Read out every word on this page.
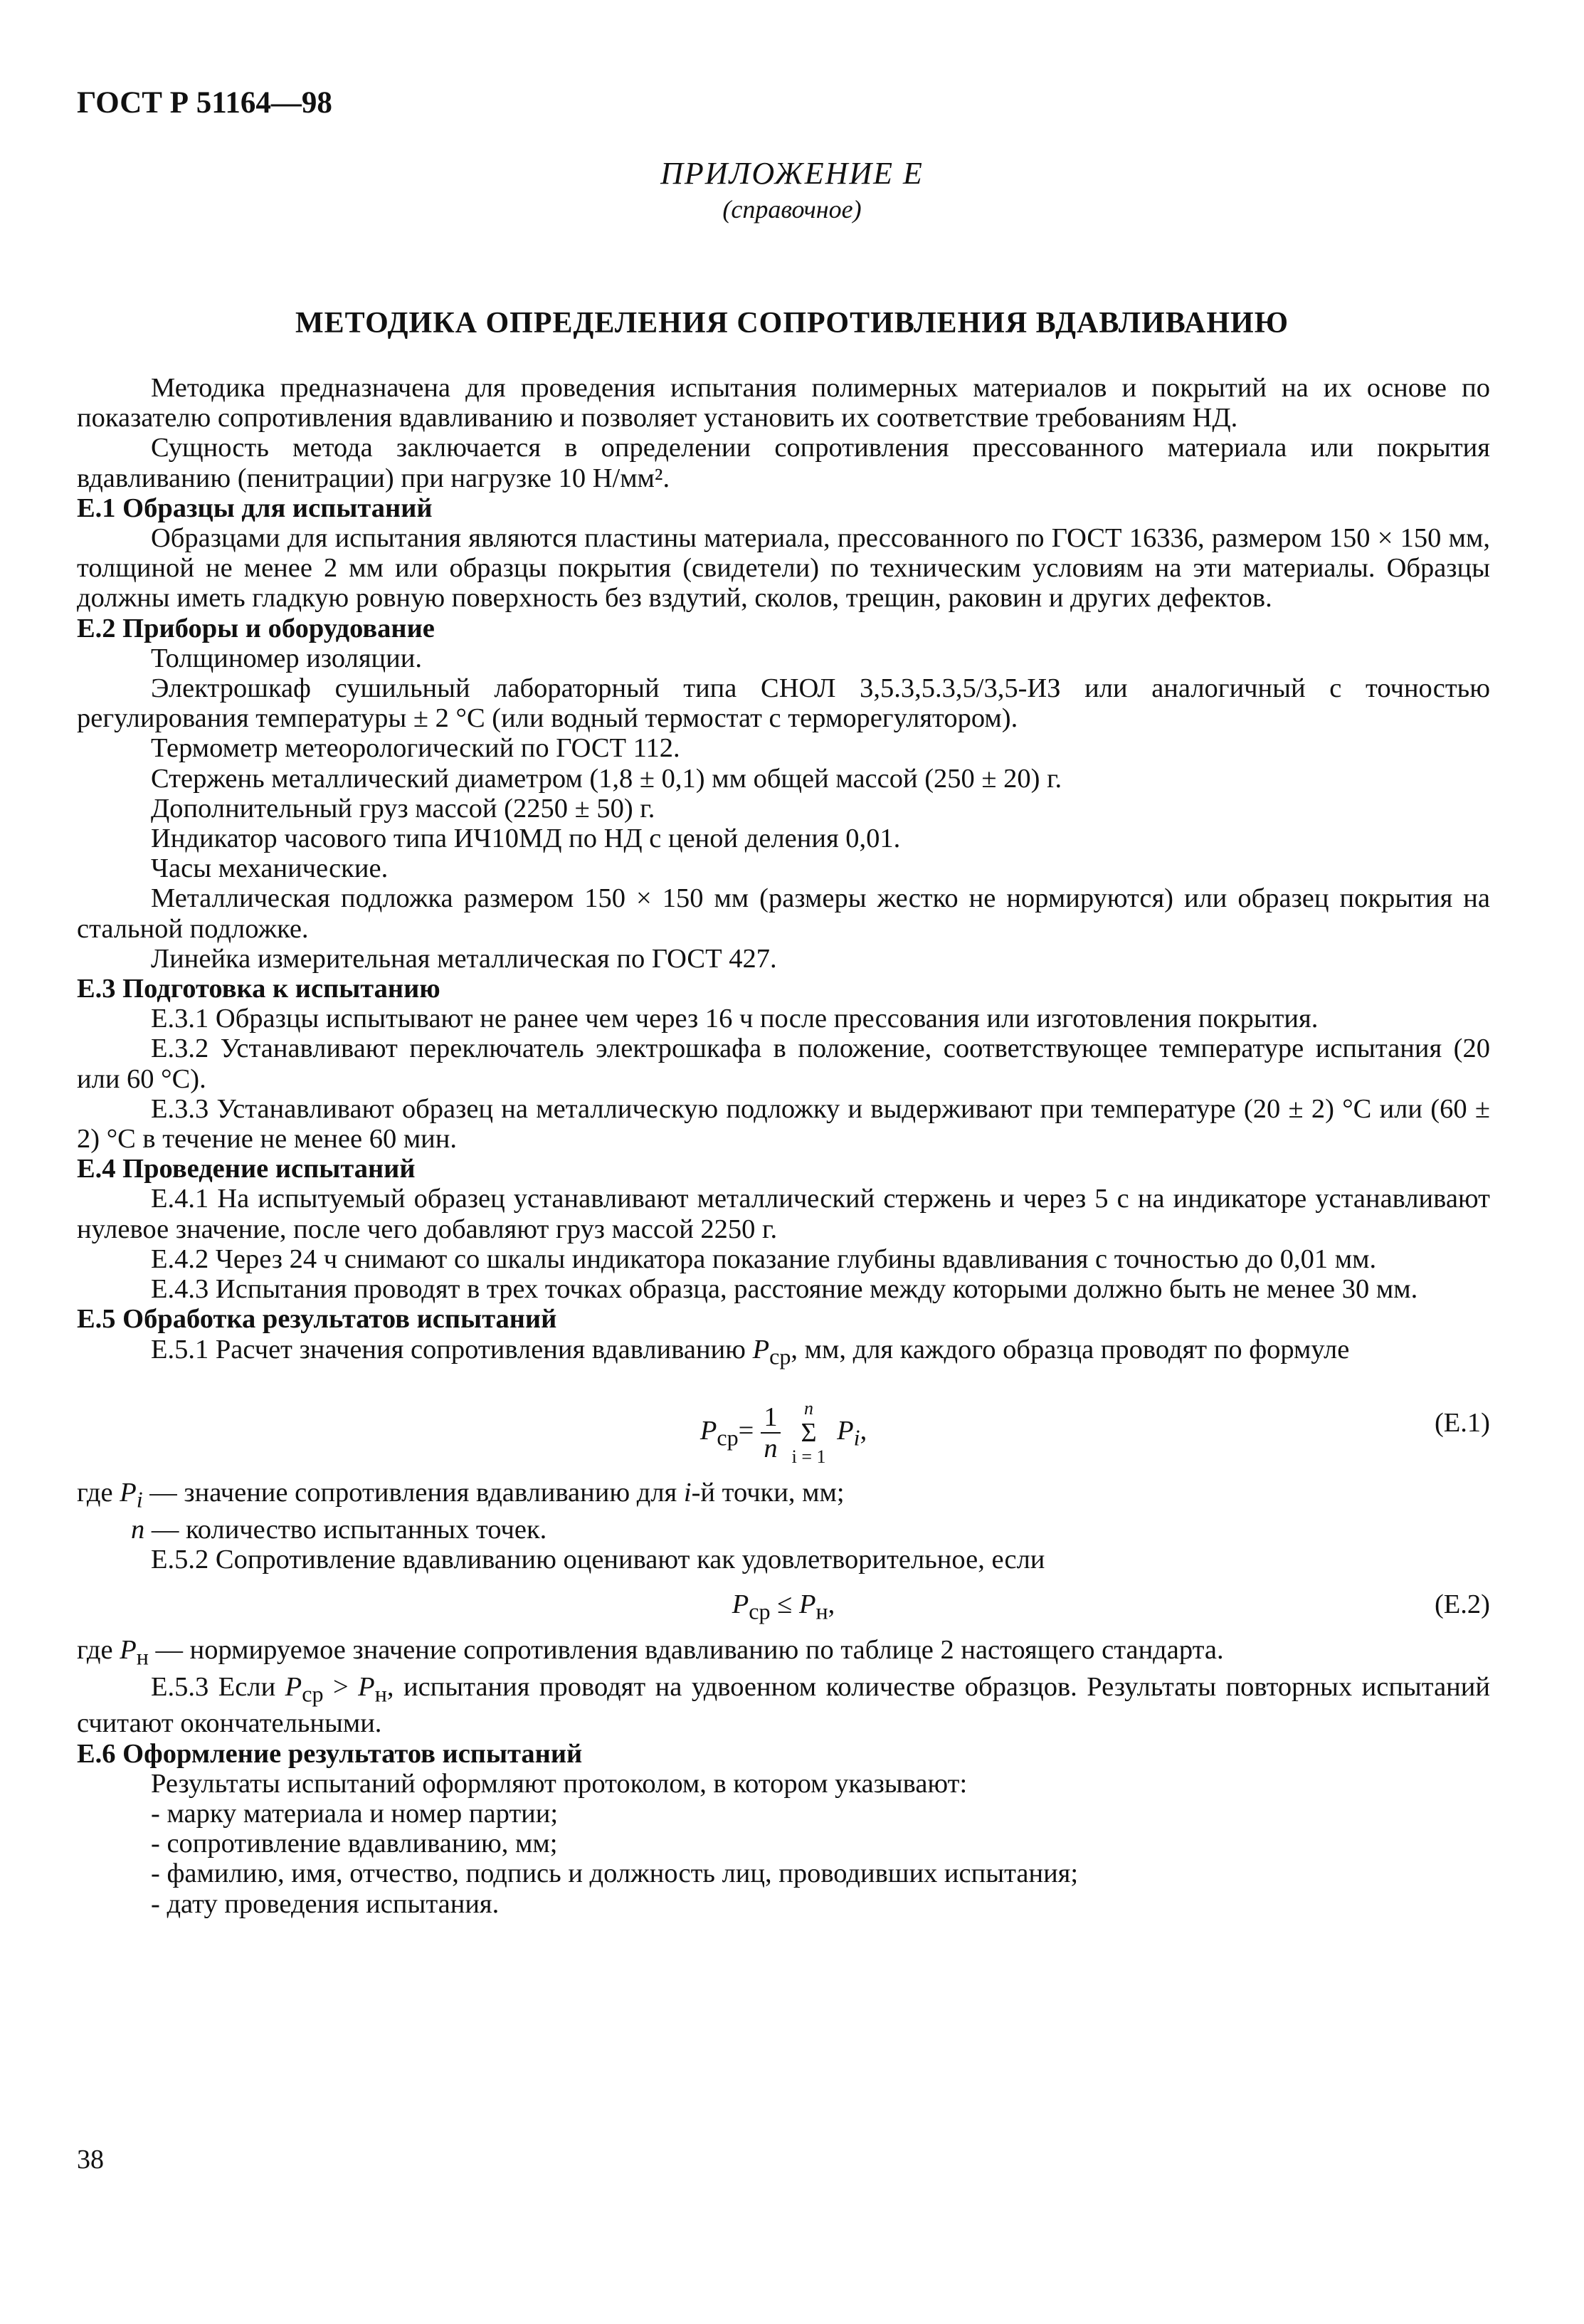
ГОСТ Р 51164—98
ПРИЛОЖЕНИЕ Е
(справочное)
МЕТОДИКА ОПРЕДЕЛЕНИЯ СОПРОТИВЛЕНИЯ ВДАВЛИВАНИЮ

Методика предназначена для проведения испытания полимерных материалов и покрытий на их основе по показателю сопротивления вдавливанию и позволяет установить их соответствие требованиям НД.

Сущность метода заключается в определении сопротивления прессованного материала или покрытия вдавливанию (пенитрации) при нагрузке 10 Н/мм².

Е.1 Образцы для испытаний

Образцами для испытания являются пластины материала, прессованного по ГОСТ 16336, размером 150 × 150 мм, толщиной не менее 2 мм или образцы покрытия (свидетели) по техническим условиям на эти материалы. Образцы должны иметь гладкую ровную поверхность без вздутий, сколов, трещин, раковин и других дефектов.

Е.2 Приборы и оборудование

Толщиномер изоляции.

Электрошкаф сушильный лабораторный типа СНОЛ 3,5.3,5.3,5/3,5-ИЗ или аналогичный с точностью регулирования температуры ± 2 °С (или водный термостат с терморегулятором).

Термометр метеорологический по ГОСТ 112.

Стержень металлический диаметром (1,8 ± 0,1) мм общей массой (250 ± 20) г.

Дополнительный груз массой (2250 ± 50) г.

Индикатор часового типа ИЧ10МД по НД с ценой деления 0,01.

Часы механические.

Металлическая подложка размером 150 × 150 мм (размеры жестко не нормируются) или образец покрытия на стальной подложке.

Линейка измерительная металлическая по ГОСТ 427.

Е.3 Подготовка к испытанию

Е.3.1 Образцы испытывают не ранее чем через 16 ч после прессования или изготовления покрытия.

Е.3.2 Устанавливают переключатель электрошкафа в положение, соответствующее температуре испытания (20 или 60 °С).

Е.3.3 Устанавливают образец на металлическую подложку и выдерживают при температуре (20 ± 2) °С или (60 ± 2) °С в течение не менее 60 мин.

Е.4 Проведение испытаний

Е.4.1 На испытуемый образец устанавливают металлический стержень и через 5 с на индикаторе устанавливают нулевое значение, после чего добавляют груз массой 2250 г.

Е.4.2 Через 24 ч снимают со шкалы индикатора показание глубины вдавливания с точностью до 0,01 мм.

Е.4.3 Испытания проводят в трех точках образца, расстояние между которыми должно быть не менее 30 мм.

Е.5 Обработка результатов испытаний

Е.5.1 Расчет значения сопротивления вдавливанию $P_{ср}$, мм, для каждого образца проводят по формуле

$P_{ср}= \frac{1}{n}$
	n
Σ
i = 1
$P_i$,	(Е.1)

где $P_i$ — значение сопротивления вдавливанию для i-й точки, мм;

n — количество испытанных точек.

Е.5.2 Сопротивление вдавливанию оценивают как удовлетворительное, если

$P_{ср} \le P_н$,	(Е.2)

где $P_н$ — нормируемое значение сопротивления вдавливанию по таблице 2 настоящего стандарта.

Е.5.3 Если $P_{ср} > P_н$, испытания проводят на удвоенном количестве образцов. Результаты повторных испытаний считают окончательными.

Е.6 Оформление результатов испытаний

Результаты испытаний оформляют протоколом, в котором указывают:

- марку материала и номер партии;

- сопротивление вдавливанию, мм;

- фамилию, имя, отчество, подпись и должность лиц, проводивших испытания;

- дату проведения испытания.

38
